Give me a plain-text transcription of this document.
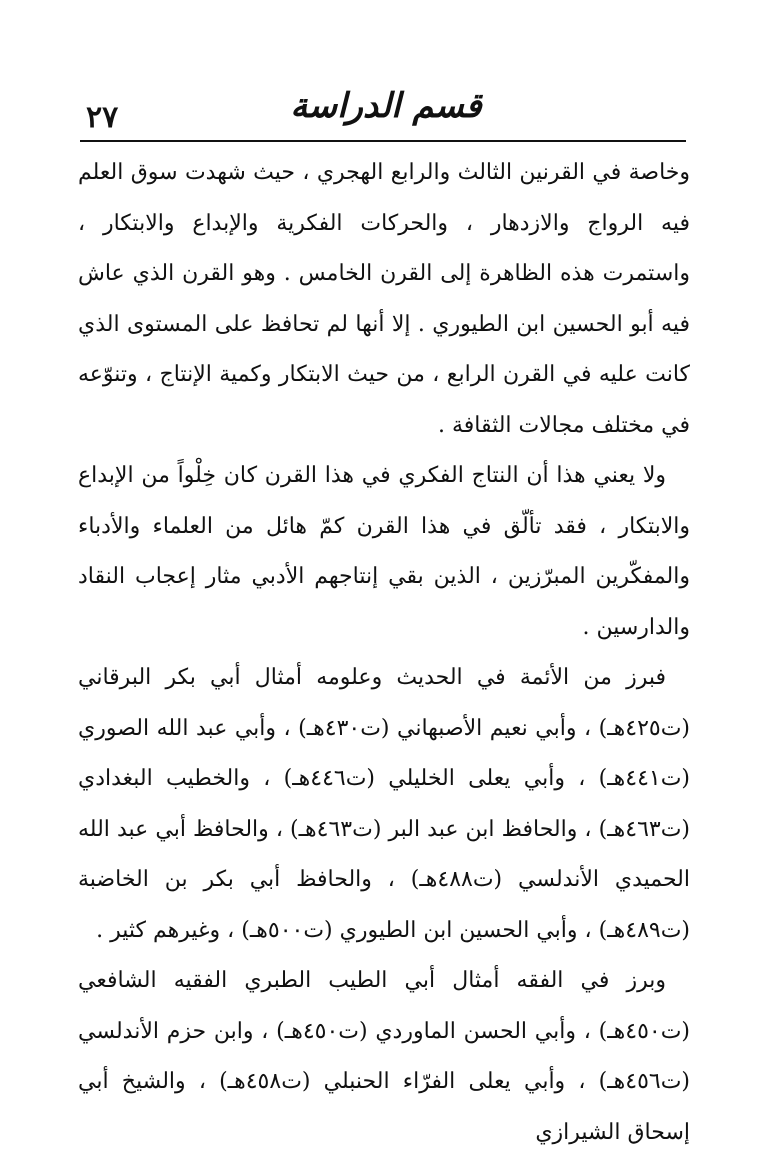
٢٧	قسم الدراسة

وخاصة في القرنين الثالث والرابع الهجري ، حيث شهدت سوق العلم فيه الرواج والازدهار ، والحركات الفكرية والإبداع والابتكار ، واستمرت هذه الظاهرة إلى القرن الخامس . وهو القرن الذي عاش فيه أبو الحسين ابن الطيوري . إلا أنها لم تحافظ على المستوى الذي كانت عليه في القرن الرابع ، من حيث الابتكار وكمية الإنتاج ، وتنوّعه في مختلف مجالات الثقافة .

ولا يعني هذا أن النتاج الفكري في هذا القرن كان خِلْواً من الإبداع والابتكار ، فقد تألّق في هذا القرن كمّ هائل من العلماء والأدباء والمفكّرين المبرّزين ، الذين بقي إنتاجهم الأدبي مثار إعجاب النقاد والدارسين .

فبرز من الأئمة في الحديث وعلومه أمثال أبي بكر البرقاني (ت٤٢٥هـ) ، وأبي نعيم الأصبهاني (ت٤٣٠هـ) ، وأبي عبد الله الصوري (ت٤٤١هـ) ، وأبي يعلى الخليلي (ت٤٤٦هـ) ، والخطيب البغدادي (ت٤٦٣هـ) ، والحافظ ابن عبد البر (ت٤٦٣هـ) ، والحافظ أبي عبد الله الحميدي الأندلسي (ت٤٨٨هـ) ، والحافظ أبي بكر بن الخاضبة (ت٤٨٩هـ) ، وأبي الحسين ابن الطيوري (ت٥٠٠هـ) ، وغيرهم كثير .

وبرز في الفقه أمثال أبي الطيب الطبري الفقيه الشافعي (ت٤٥٠هـ) ، وأبي الحسن الماوردي (ت٤٥٠هـ) ، وابن حزم الأندلسي (ت٤٥٦هـ) ، وأبي يعلى الفرّاء الحنبلي (ت٤٥٨هـ) ، والشيخ أبي إسحاق الشيرازي
